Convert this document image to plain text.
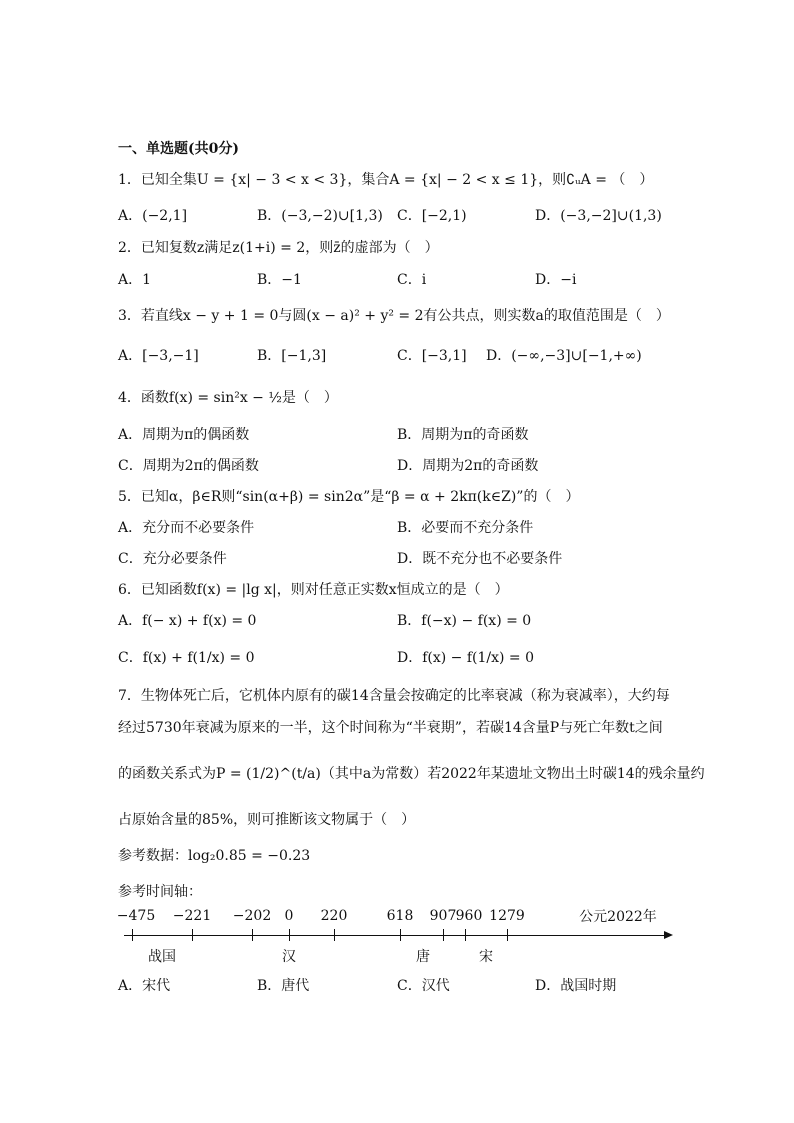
一、单选题(共0分)
1．已知全集U = {x| − 3 < x < 3}，集合A = {x| − 2 < x ≤ 1}，则∁ᵤA = （　）
A．(−2,1]	B．(−3,−2)∪[1,3) C．[−2,1)	D．(−3,−2]∪(1,3)
2．已知复数z满足z(1+i) = 2，则z̄的虚部为（　）
A．1	B．−1	C．i	D．−i
3．若直线x − y + 1 = 0与圆(x − a)² + y² = 2有公共点，则实数a的取值范围是（　）
A．[−3,−1]	B．[−1,3]	C．[−3,1] D．(−∞,−3]∪[−1,+∞)
4．函数f(x) = sin²x − ½是（　）
A．周期为π的偶函数	B．周期为π的奇函数
C．周期为2π的偶函数	D．周期为2π的奇函数
5．已知α，β∈R则“sin(α+β) = sin2α”是“β = α + 2kπ(k∈Z)”的（　）
A．充分而不必要条件	B．必要而不充分条件
C．充分必要条件	D．既不充分也不必要条件
6．已知函数f(x) = |lg x|，则对任意正实数x恒成立的是（　）
A．f(− x) + f(x) = 0	B．f(−x) − f(x) = 0
C．f(x) + f(1/x) = 0	D．f(x) − f(1/x) = 0
7．生物体死亡后，它机体内原有的碳14含量会按确定的比率衰减（称为衰减率），大约每
经过5730年衰减为原来的一半，这个时间称为“半衰期”，若碳14含量P与死亡年数t之间
的函数关系式为P = (1/2)^(t/a)（其中a为常数）若2022年某遗址文物出土时碳14的残余量约
占原始含量的85%，则可推断该文物属于（　）
参考数据：log₂0.85 = −0.23
参考时间轴：
−475 −221 −202 0 220	618 907 960 1279	公元2022年
战国	汉	唐	宋
A．宋代	B．唐代	C．汉代	D．战国时期
